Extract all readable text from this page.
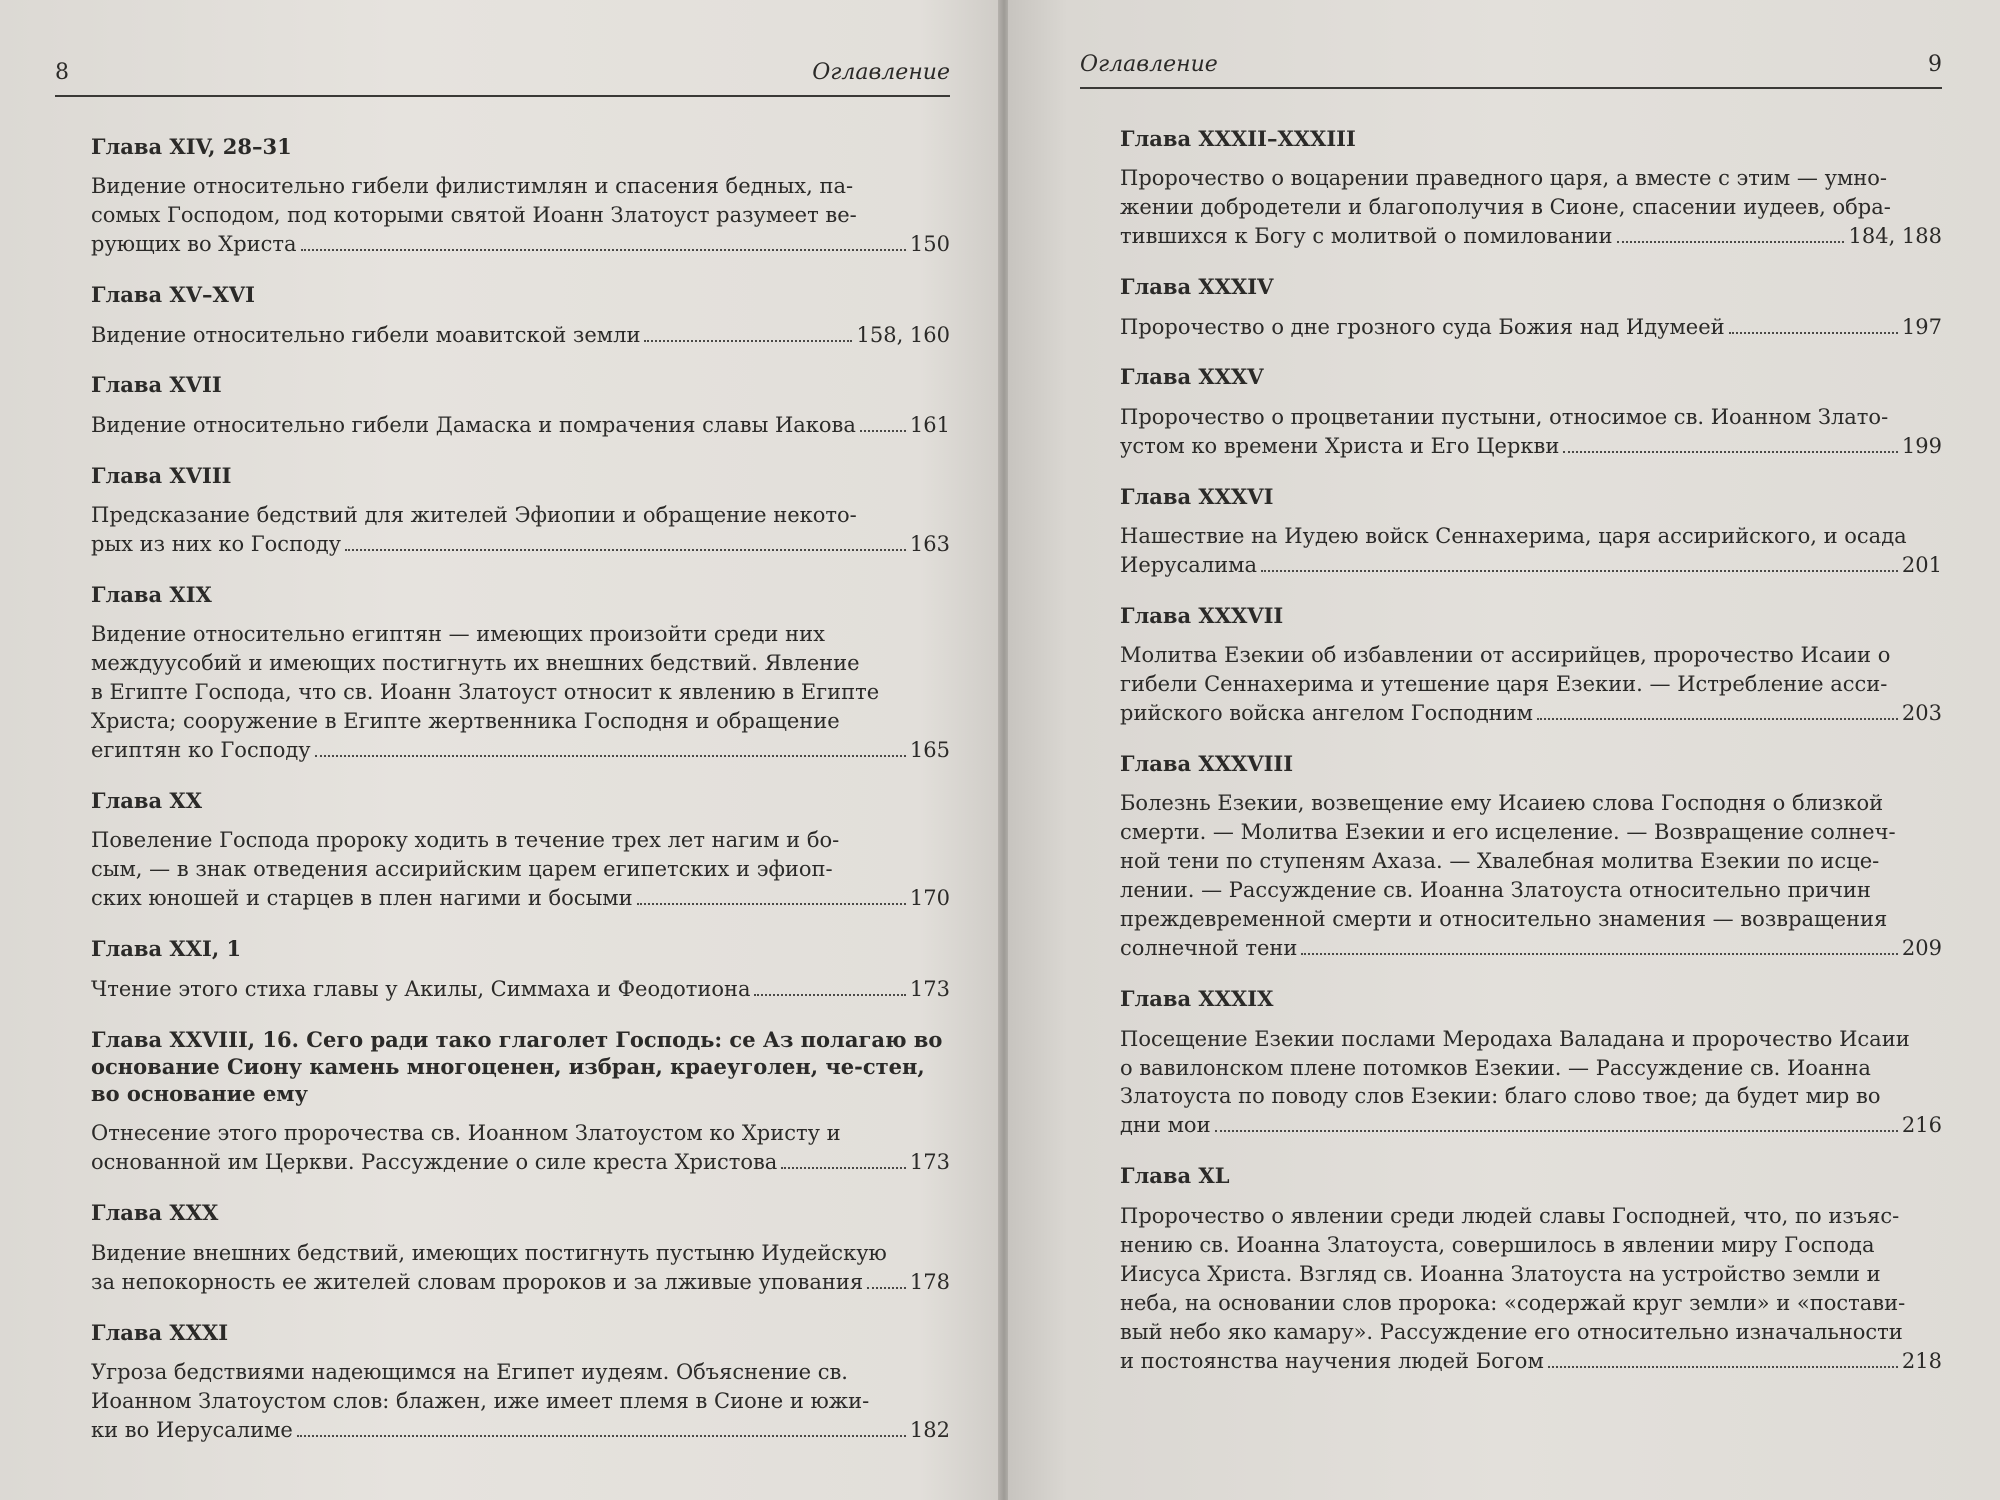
8	Оглавление
Глава XIV, 28–31
Видение относительно гибели филистимлян и спасения бедных, па-
сомых Господом, под которыми святой Иоанн Златоуст разумеет ве-
рующих во Христа	150
Глава XV–XVI
Видение относительно гибели моавитской земли	158, 160
Глава XVII
Видение относительно гибели Дамаска и помрачения славы Иакова	161
Глава XVIII
Предсказание бедствий для жителей Эфиопии и обращение некото-
рых из них ко Господу	163
Глава XIX
Видение относительно египтян — имеющих произойти среди них
междуусобий и имеющих постигнуть их внешних бедствий. Явление
в Египте Господа, что св. Иоанн Златоуст относит к явлению в Египте
Христа; сооружение в Египте жертвенника Господня и обращение
египтян ко Господу	165
Глава XX
Повеление Господа пророку ходить в течение трех лет нагим и бо-
сым, — в знак отведения ассирийским царем египетских и эфиоп-
ских юношей и старцев в плен нагими и босыми	170
Глава XXI, 1
Чтение этого стиха главы у Акилы, Симмаха и Феодотиона	173
Глава XXVIII, 16. Сего ради тако глаголет Господь: се Аз полагаю во основание Сиону камень многоценен, избран, краеуголен, че-стен, во основание ему
Отнесение этого пророчества св. Иоанном Златоустом ко Христу и
основанной им Церкви. Рассуждение о силе креста Христова	173
Глава XXX
Видение внешних бедствий, имеющих постигнуть пустыню Иудейскую
за непокорность ее жителей словам пророков и за лживые упования 178
Глава XXXI
Угроза бедствиями надеющимся на Египет иудеям. Объяснение св.
Иоанном Златоустом слов: блажен, иже имеет племя в Сионе и южи-
ки во Иерусалиме	182
Оглавление	9
Глава XXXII–XXXIII
Пророчество о воцарении праведного царя, а вместе с этим — умно-
жении добродетели и благополучия в Сионе, спасении иудеев, обра-
тившихся к Богу с молитвой о помиловании	184, 188
Глава XXXIV
Пророчество о дне грозного суда Божия над Идумеей	197
Глава XXXV
Пророчество о процветании пустыни, относимое св. Иоанном Злато-
устом ко времени Христа и Его Церкви	199
Глава XXXVI
Нашествие на Иудею войск Сеннахерима, царя ассирийского, и осада
Иерусалима	201
Глава XXXVII
Молитва Езекии об избавлении от ассирийцев, пророчество Исаии о
гибели Сеннахерима и утешение царя Езекии. — Истребление асси-
рийского войска ангелом Господним	203
Глава XXXVIII
Болезнь Езекии, возвещение ему Исаиею слова Господня о близкой
смерти. — Молитва Езекии и его исцеление. — Возвращение солнеч-
ной тени по ступеням Ахаза. — Хвалебная молитва Езекии по исце-
лении. — Рассуждение св. Иоанна Златоуста относительно причин
преждевременной смерти и относительно знамения — возвращения
солнечной тени	209
Глава XXXIX
Посещение Езекии послами Меродаха Валадана и пророчество Исаии
о вавилонском плене потомков Езекии. — Рассуждение св. Иоанна
Златоуста по поводу слов Езекии: благо слово твое; да будет мир во
дни мои	216
Глава XL
Пророчество о явлении среди людей славы Господней, что, по изъяс-
нению св. Иоанна Златоуста, совершилось в явлении миру Господа
Иисуса Христа. Взгляд св. Иоанна Златоуста на устройство земли и
неба, на основании слов пророка: «содержай круг земли» и «постави-
вый небо яко камару». Рассуждение его относительно изначальности
и постоянства научения людей Богом	218
